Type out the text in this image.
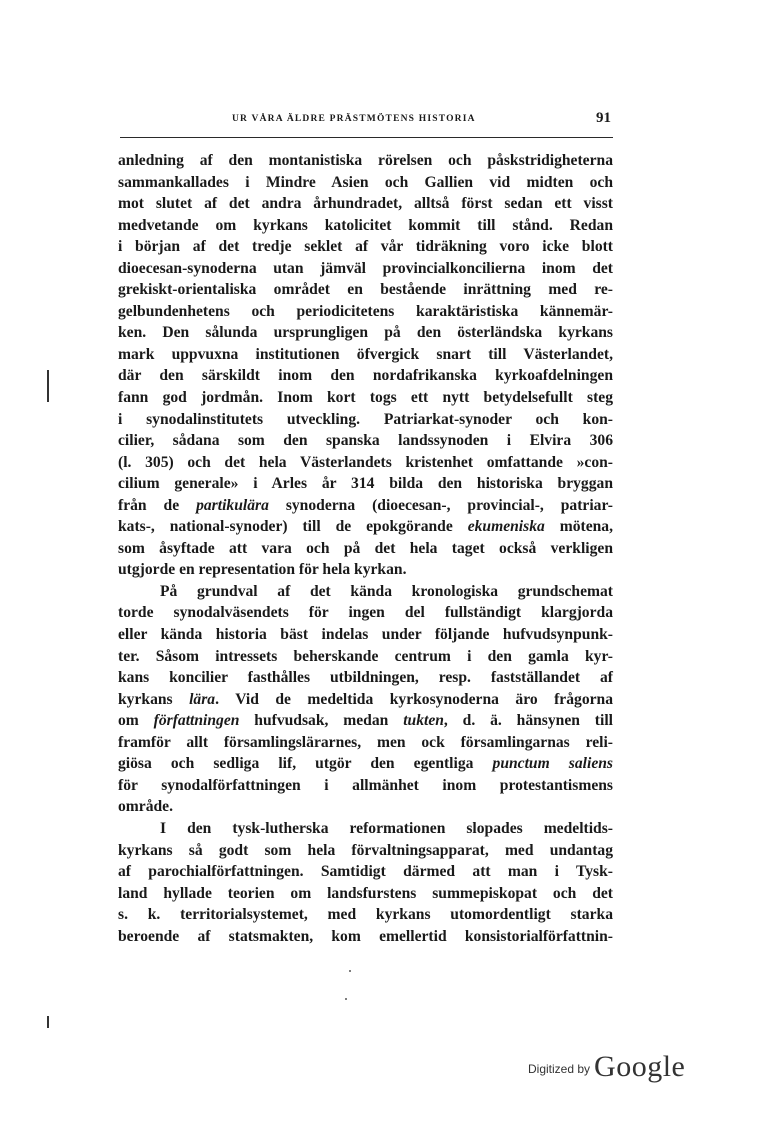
UR VÅRA ÄLDRE PRÄSTMÖTENS HISTORIA	91
anledning af den montanistiska rörelsen och påskstridigheterna
sammankallades i Mindre Asien och Gallien vid midten och
mot slutet af det andra århundradet, alltså först sedan ett visst
medvetande om kyrkans katolicitet kommit till stånd. Redan
i början af det tredje seklet af vår tidräkning voro icke blott
dioecesan-synoderna utan jämväl provincialkoncilierna inom det
grekiskt-orientaliska området en bestående inrättning med re-
gelbundenhetens och periodicitetens karaktäristiska kännemär-
ken. Den sålunda ursprungligen på den österländska kyrkans
mark uppvuxna institutionen öfvergick snart till Västerlandet,
där den särskildt inom den nordafrikanska kyrkoafdelningen
fann god jordmån. Inom kort togs ett nytt betydelsefullt steg
i synodalinstitutets utveckling. Patriarkat-synoder och kon-
cilier, sådana som den spanska landssynoden i Elvira 306
(l. 305) och det hela Västerlandets kristenhet omfattande »con-
cilium generale» i Arles år 314 bilda den historiska bryggan
från de partikulära synoderna (dioecesan-, provincial-, patriar-
kats-, national-synoder) till de epokgörande ekumeniska mötena,
som åsyftade att vara och på det hela taget också verkligen
utgjorde en representation för hela kyrkan.
På grundval af det kända kronologiska grundschemat
torde synodalväsendets för ingen del fullständigt klargjorda
eller kända historia bäst indelas under följande hufvudsynpunk-
ter. Såsom intressets beherskande centrum i den gamla kyr-
kans koncilier fasthålles utbildningen, resp. fastställandet af
kyrkans lära. Vid de medeltida kyrkosynoderna äro frågorna
om författningen hufvudsak, medan tukten, d. ä. hänsynen till
framför allt församlingslärarnes, men ock församlingarnas reli-
giösa och sedliga lif, utgör den egentliga punctum saliens
för synodalförfattningen i allmänhet inom protestantismens
område.
I den tysk-lutherska reformationen slopades medeltids-
kyrkans så godt som hela förvaltningsapparat, med undantag
af parochialförfattningen. Samtidigt därmed att man i Tysk-
land hyllade teorien om landsfurstens summepiskopat och det
s. k. territorialsystemet, med kyrkans utomordentligt starka
beroende af statsmakten, kom emellertid konsistorialförfattnin-
Digitized by Google
